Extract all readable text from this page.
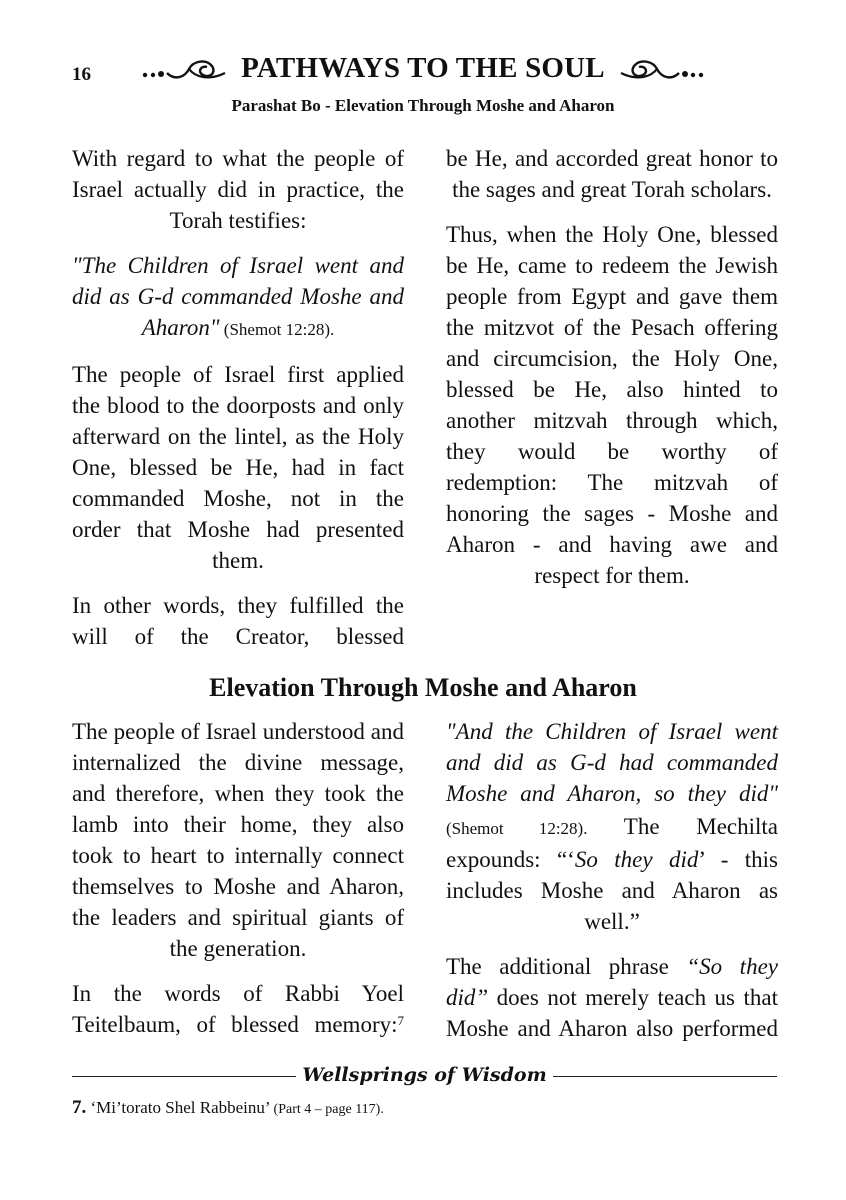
PATHWAYS TO THE SOUL
16
Parashat Bo - Elevation Through Moshe and Aharon

With regard to what the people of Israel actually did in practice, the Torah testifies:

"The Children of Israel went and did as G-d commanded Moshe and Aharon" (Shemot 12:28).

The people of Israel first applied the blood to the doorposts and only afterward on the lintel, as the Holy One, blessed be He, had in fact commanded Moshe, not in the order that Moshe had presented them.

In other words, they fulfilled the will of the Creator, blessed

be He, and accorded great honor to the sages and great Torah scholars.

Thus, when the Holy One, blessed be He, came to redeem the Jewish people from Egypt and gave them the mitzvot of the Pesach offering and circumcision, the Holy One, blessed be He, also hinted to another mitzvah through which, they would be worthy of redemption: The mitzvah of honoring the sages - Moshe and Aharon - and having awe and respect for them.

Elevation Through Moshe and Aharon

The people of Israel understood and internalized the divine message, and therefore, when they took the lamb into their home, they also took to heart to internally connect themselves to Moshe and Aharon, the leaders and spiritual giants of the generation.

In the words of Rabbi Yoel Teitelbaum, of blessed memory:$^7$

"And the Children of Israel went and did as G-d had commanded Moshe and Aharon, so they did" (Shemot 12:28). The Mechilta expounds: “‘So they did’ - this includes Moshe and Aharon as well.”

The additional phrase “So they did” does not merely teach us that Moshe and Aharon also performed

Wellsprings of Wisdom
7. ‘Mi’torato Shel Rabbeinu’ (Part 4 – page 117).
